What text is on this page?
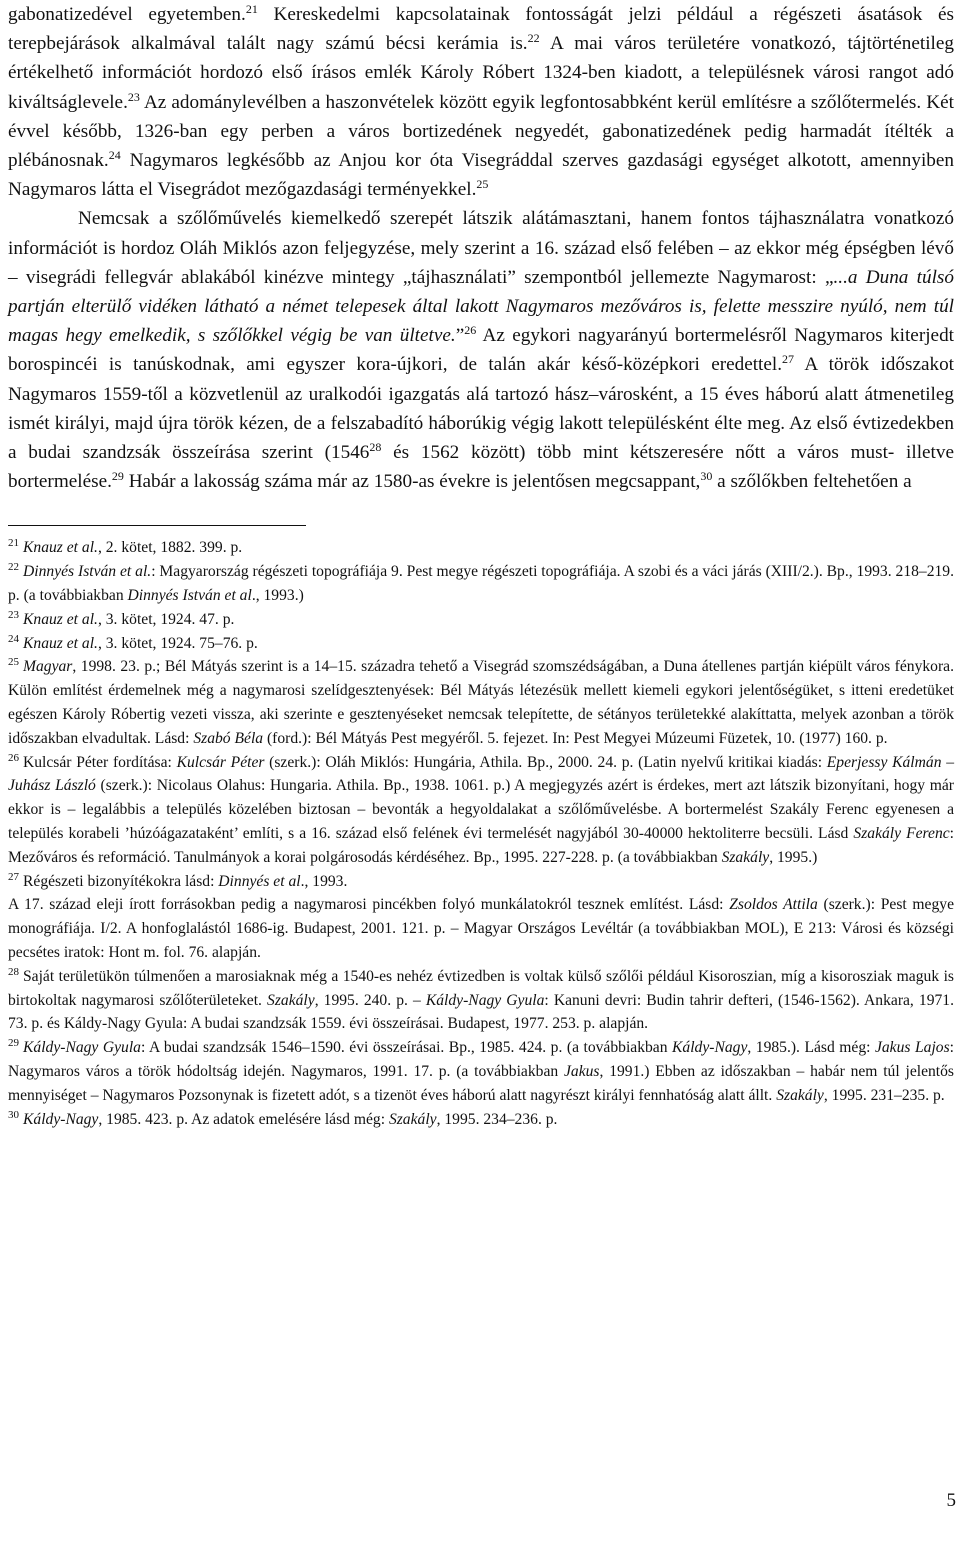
gabonatizedével egyetemben.$^{21}$ Kereskedelmi kapcsolatainak fontosságát jelzi például a régészeti ásatások és terepbejárások alkalmával talált nagy számú bécsi kerámia is.$^{22}$ A mai város területére vonatkozó, tájtörténetileg értékelhető információt hordozó első írásos emlék Károly Róbert 1324-ben kiadott, a településnek városi rangot adó kiváltságlevele.$^{23}$ Az adománylevélben a haszonvételek között egyik legfontosabbként kerül említésre a szőlőtermelés. Két évvel később, 1326-ban egy perben a város bortizedének negyedét, gabonatizedének pedig harmadát ítélték a plébánosnak.$^{24}$ Nagymaros legkésőbb az Anjou kor óta Visegráddal szerves gazdasági egységet alkotott, amennyiben Nagymaros látta el Visegrádot mezőgazdasági terményekkel.$^{25}$

Nemcsak a szőlőművelés kiemelkedő szerepét látszik alátámasztani, hanem fontos tájhasználatra vonatkozó információt is hordoz Oláh Miklós azon feljegyzése, mely szerint a 16. század első felében – az ekkor még épségben lévő – visegrádi fellegvár ablakából kinézve mintegy „tájhasználati” szempontból jellemezte Nagymarost: „...a Duna túlsó partján elterülő vidéken látható a német telepesek által lakott Nagymaros mezőváros is, felette messzire nyúló, nem túl magas hegy emelkedik, s szőlőkkel végig be van ültetve.”$^{26}$ Az egykori nagyarányú bortermelésről Nagymaros kiterjedt borospincéi is tanúskodnak, ami egyszer kora-újkori, de talán akár késő-középkori eredettel.$^{27}$ A török időszakot Nagymaros 1559-től a közvetlenül az uralkodói igazgatás alá tartozó hász–városként, a 15 éves háború alatt átmenetileg ismét királyi, majd újra török kézen, de a felszabadító háborúkig végig lakott településként élte meg. Az első évtizedekben a budai szandzsák összeírása szerint (1546$^{28}$ és 1562 között) több mint kétszeresére nőtt a város must- illetve bortermelése.$^{29}$ Habár a lakosság száma már az 1580-as évekre is jelentősen megcsappant,$^{30}$ a szőlőkben feltehetően a

$^{21}$ Knauz et al., 2. kötet, 1882. 399. p.

$^{22}$ Dinnyés István et al.: Magyarország régészeti topográfiája 9. Pest megye régészeti topográfiája. A szobi és a váci járás (XIII/2.). Bp., 1993. 218–219. p. (a továbbiakban Dinnyés István et al., 1993.)

$^{23}$ Knauz et al., 3. kötet, 1924. 47. p.

$^{24}$ Knauz et al., 3. kötet, 1924. 75–76. p.

$^{25}$ Magyar, 1998. 23. p.; Bél Mátyás szerint is a 14–15. századra tehető a Visegrád szomszédságában, a Duna átellenes partján kiépült város fénykora. Külön említést érdemelnek még a nagymarosi szelídgesztenyések: Bél Mátyás létezésük mellett kiemeli egykori jelentőségüket, s itteni eredetüket egészen Károly Róbertig vezeti vissza, aki szerinte e gesztenyéseket nemcsak telepítette, de sétányos területekké alakíttatta, melyek azonban a török időszakban elvadultak. Lásd: Szabó Béla (ford.): Bél Mátyás Pest megyéről. 5. fejezet. In: Pest Megyei Múzeumi Füzetek, 10. (1977) 160. p.

$^{26}$ Kulcsár Péter fordítása: Kulcsár Péter (szerk.): Oláh Miklós: Hungária, Athila. Bp., 2000. 24. p. (Latin nyelvű kritikai kiadás: Eperjessy Kálmán – Juhász László (szerk.): Nicolaus Olahus: Hungaria. Athila. Bp., 1938. 1061. p.) A megjegyzés azért is érdekes, mert azt látszik bizonyítani, hogy már ekkor is – legalábbis a település közelében biztosan – bevonták a hegyoldalakat a szőlőművelésbe. A bortermelést Szakály Ferenc egyenesen a település korabeli ’húzóágazataként’ említi, s a 16. század első felének évi termelését nagyjából 30-40000 hektoliterre becsüli. Lásd Szakály Ferenc: Mezőváros és reformáció. Tanulmányok a korai polgárosodás kérdéséhez. Bp., 1995. 227-228. p. (a továbbiakban Szakály, 1995.)

$^{27}$ Régészeti bizonyítékokra lásd: Dinnyés et al., 1993.

A 17. század eleji írott forrásokban pedig a nagymarosi pincékben folyó munkálatokról tesznek említést. Lásd: Zsoldos Attila (szerk.): Pest megye monográfiája. I/2. A honfoglalástól 1686-ig. Budapest, 2001. 121. p. – Magyar Országos Levéltár (a továbbiakban MOL), E 213: Városi és községi pecsétes iratok: Hont m. fol. 76. alapján.

$^{28}$ Saját területükön túlmenően a marosiaknak még a 1540-es nehéz évtizedben is voltak külső szőlői például Kisoroszian, míg a kisorosziak maguk is birtokoltak nagymarosi szőlőterületeket. Szakály, 1995. 240. p. – Káldy-Nagy Gyula: Kanuni devri: Budin tahrir defteri, (1546-1562). Ankara, 1971. 73. p. és Káldy-Nagy Gyula: A budai szandzsák 1559. évi összeírásai. Budapest, 1977. 253. p. alapján.

$^{29}$ Káldy-Nagy Gyula: A budai szandzsák 1546–1590. évi összeírásai. Bp., 1985. 424. p. (a továbbiakban Káldy-Nagy, 1985.). Lásd még: Jakus Lajos: Nagymaros város a török hódoltság idején. Nagymaros, 1991. 17. p. (a továbbiakban Jakus, 1991.) Ebben az időszakban – habár nem túl jelentős mennyiséget – Nagymaros Pozsonynak is fizetett adót, s a tizenöt éves háború alatt nagyrészt királyi fennhatóság alatt állt. Szakály, 1995. 231–235. p.

$^{30}$ Káldy-Nagy, 1985. 423. p. Az adatok emelésére lásd még: Szakály, 1995. 234–236. p.

5
